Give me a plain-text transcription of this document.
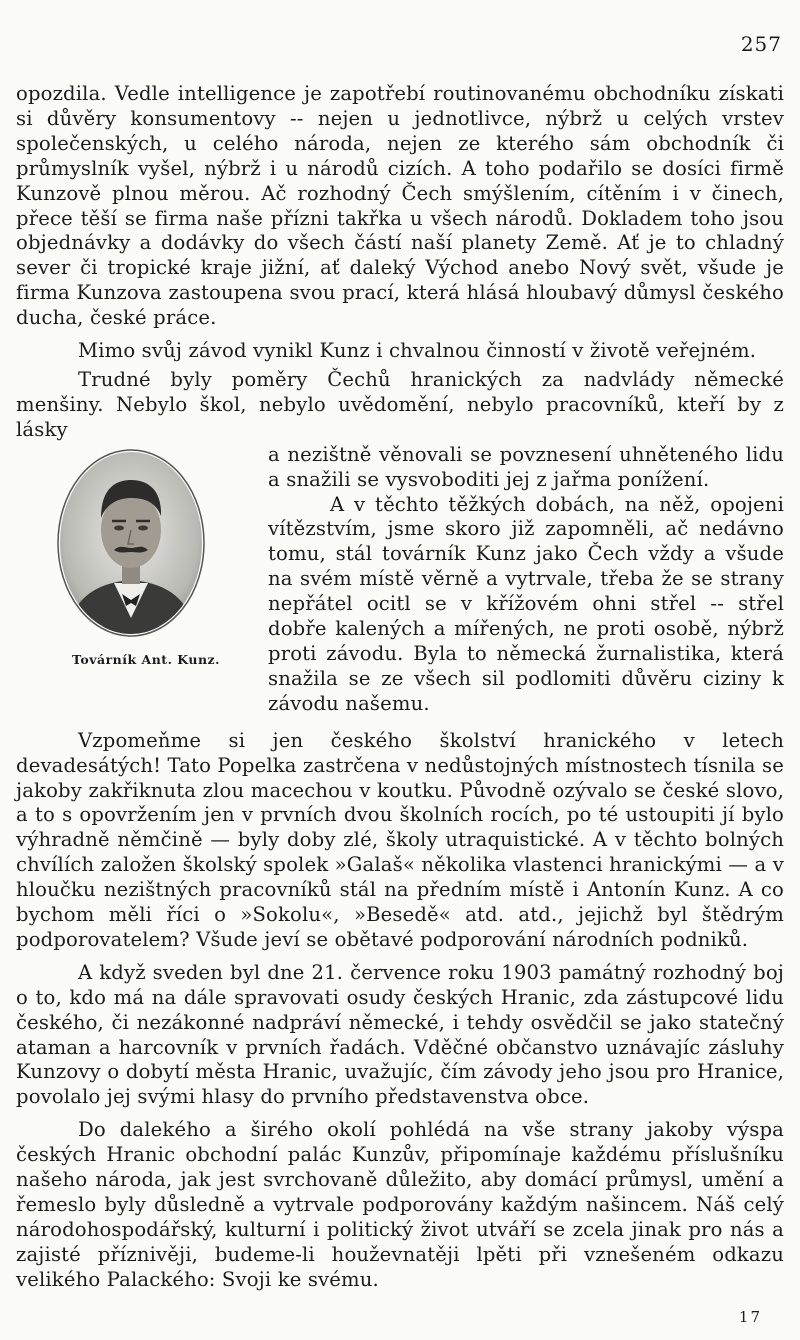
257

opozdila. Vedle intelligence je zapotřebí routinovanému obchodníku získati si důvěry konsumentovy -- nejen u jednotlivce, nýbrž u celých vrstev společenských, u celého národa, nejen ze kterého sám obchodník či průmyslník vyšel, nýbrž i u národů cizích. A toho podařilo se dosíci firmě Kunzově plnou měrou. Ač rozhodný Čech smýšlením, cítěním i v činech, přece těší se firma naše přízni takřka u všech národů. Dokladem toho jsou objednávky a dodávky do všech částí naší planety Země. Ať je to chladný sever či tropické kraje jižní, ať daleký Východ anebo Nový svět, všude je firma Kunzova zastoupena svou prací, která hlásá hloubavý důmysl českého ducha, české práce.

Mimo svůj závod vynikl Kunz i chvalnou činností v životě veřejném.

Trudné byly poměry Čechů hranických za nadvlády německé menšiny. Nebylo škol, nebylo uvědomění, nebylo pracovníků, kteří by z lásky

Továrník Ant. Kunz.

a nezištně věnovali se povznesení uhněteného lidu a snažili se vysvoboditi jej z jařma ponížení.

A v těchto těžkých dobách, na něž, opojeni vítězstvím, jsme skoro již zapomněli, ač nedávno tomu, stál továrník Kunz jako Čech vždy a všude na svém místě věrně a vytrvale, třeba že se strany nepřátel ocitl se v křížovém ohni střel -- střel dobře kalených a mířených, ne proti osobě, nýbrž proti závodu. Byla to německá žurnalistika, která snažila se ze všech sil podlomiti důvěru ciziny k závodu našemu.

Vzpomeňme si jen českého školství hranického v letech devadesátých! Tato Popelka zastrčena v nedůstojných místnostech tísnila se jakoby zakřiknuta zlou macechou v koutku. Původně ozývalo se české slovo, a to s opovržením jen v prvních dvou školních rocích, po té ustoupiti jí bylo výhradně němčině — byly doby zlé, školy utraquistické. A v těchto bolných chvílích založen školský spolek »Galaš« několika vlastenci hranickými — a v hloučku nezištných pracovníků stál na předním místě i Antonín Kunz. A co bychom měli říci o »Sokolu«, »Besedě« atd. atd., jejichž byl štědrým podporovatelem? Všude jeví se obětavé podporování národních podniků.

A když sveden byl dne 21. července roku 1903 památný rozhodný boj o to, kdo má na dále spravovati osudy českých Hranic, zda zástupcové lidu českého, či nezákonné nadpráví německé, i tehdy osvědčil se jako statečný ataman a harcovník v prvních řadách. Vděčné občanstvo uznávajíc zásluhy Kunzovy o dobytí města Hranic, uvažujíc, čím závody jeho jsou pro Hranice, povolalo jej svými hlasy do prvního představenstva obce.

Do dalekého a širého okolí pohlédá na vše strany jakoby výspa českých Hranic obchodní palác Kunzův, připomínaje každému příslušníku našeho národa, jak jest svrchovaně důležito, aby domácí průmysl, umění a řemeslo byly důsledně a vytrvale podporovány každým našincem. Náš celý národohospodářský, kulturní i politický život utváří se zcela jinak pro nás a zajisté příznivěji, budeme-li houževnatěji lpěti při vznešeném odkazu velikého Palackého: Svoji ke svému.

17
